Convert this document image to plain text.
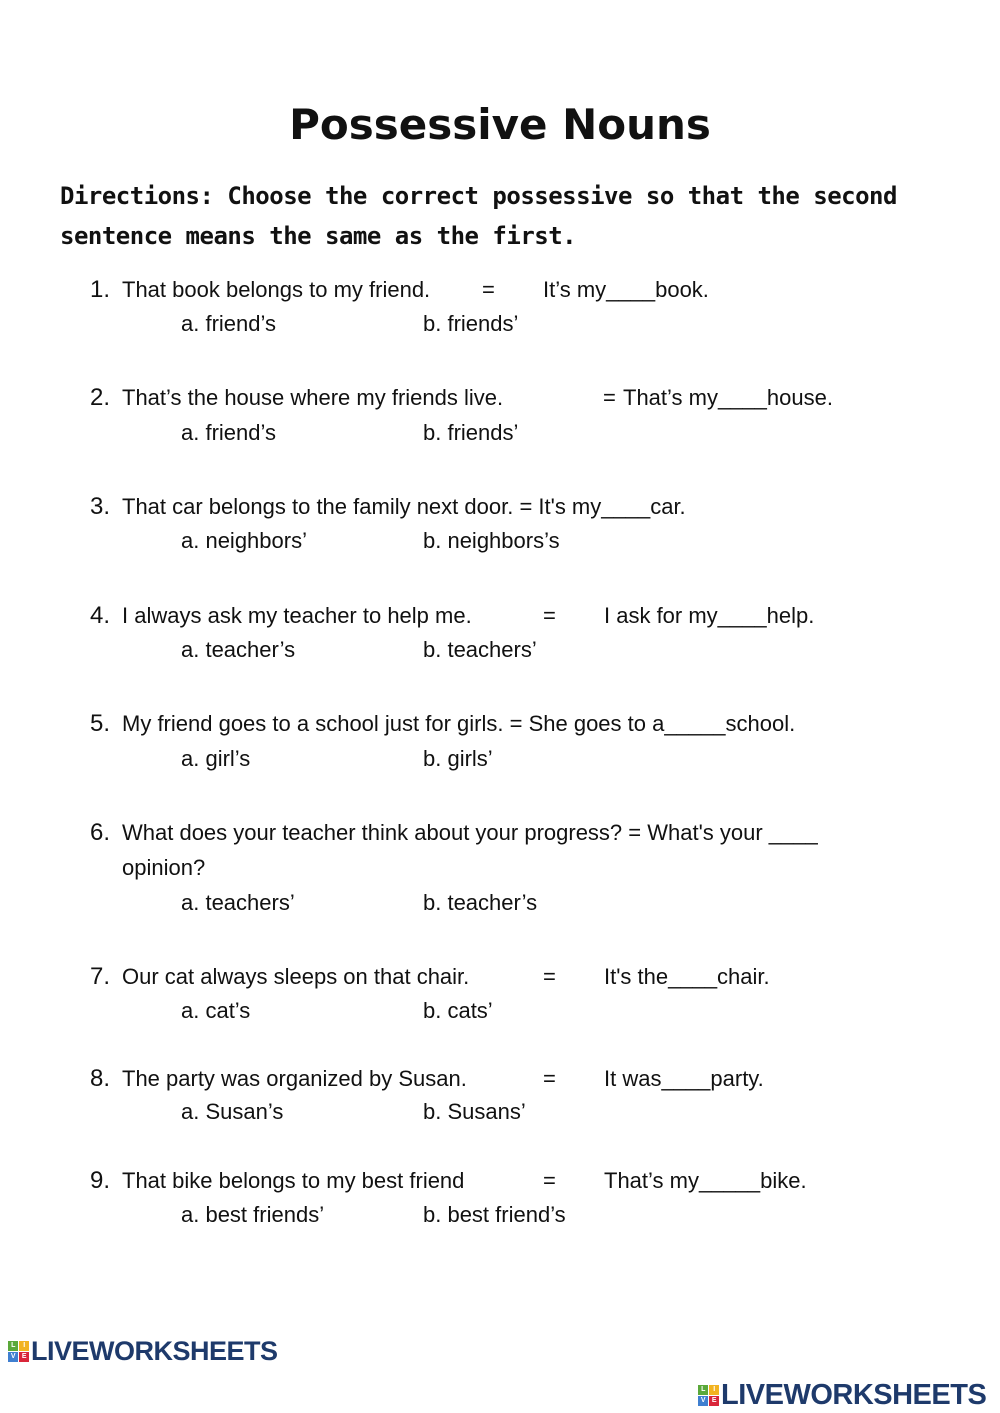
Possessive Nouns
Directions: Choose the correct possessive so that the second sentence means the same as the first.
1. That book belongs to my friend. = It’s my____book.
a. friend’s	b. friends’
2. That’s the house where my friends live.	= That’s my____house.
a. friend’s	b. friends’
3. That car belongs to the family next door. = It's my____car.
a. neighbors’	b. neighbors’s
4. I always ask my teacher to help me.	= I ask for my____help.
a. teacher’s	b. teachers’
5. My friend goes to a school just for girls. = She goes to a_____school.
a. girl’s	b. girls’
6. What does your teacher think about your progress? = What's your ____
opinion?
a. teachers’	b. teacher’s
7. Our cat always sleeps on that chair.	= It's the____chair.
a. cat’s	b. cats’
8. The party was organized by Susan.	= It was____party.
a. Susan’s	b. Susans’
9. That bike belongs to my best friend	= That’s my_____bike.
a. best friends’	b. best friend’s
L	I
V E LIVEWORKSHEETS
L	I
V E LIVEWORKSHEETS
